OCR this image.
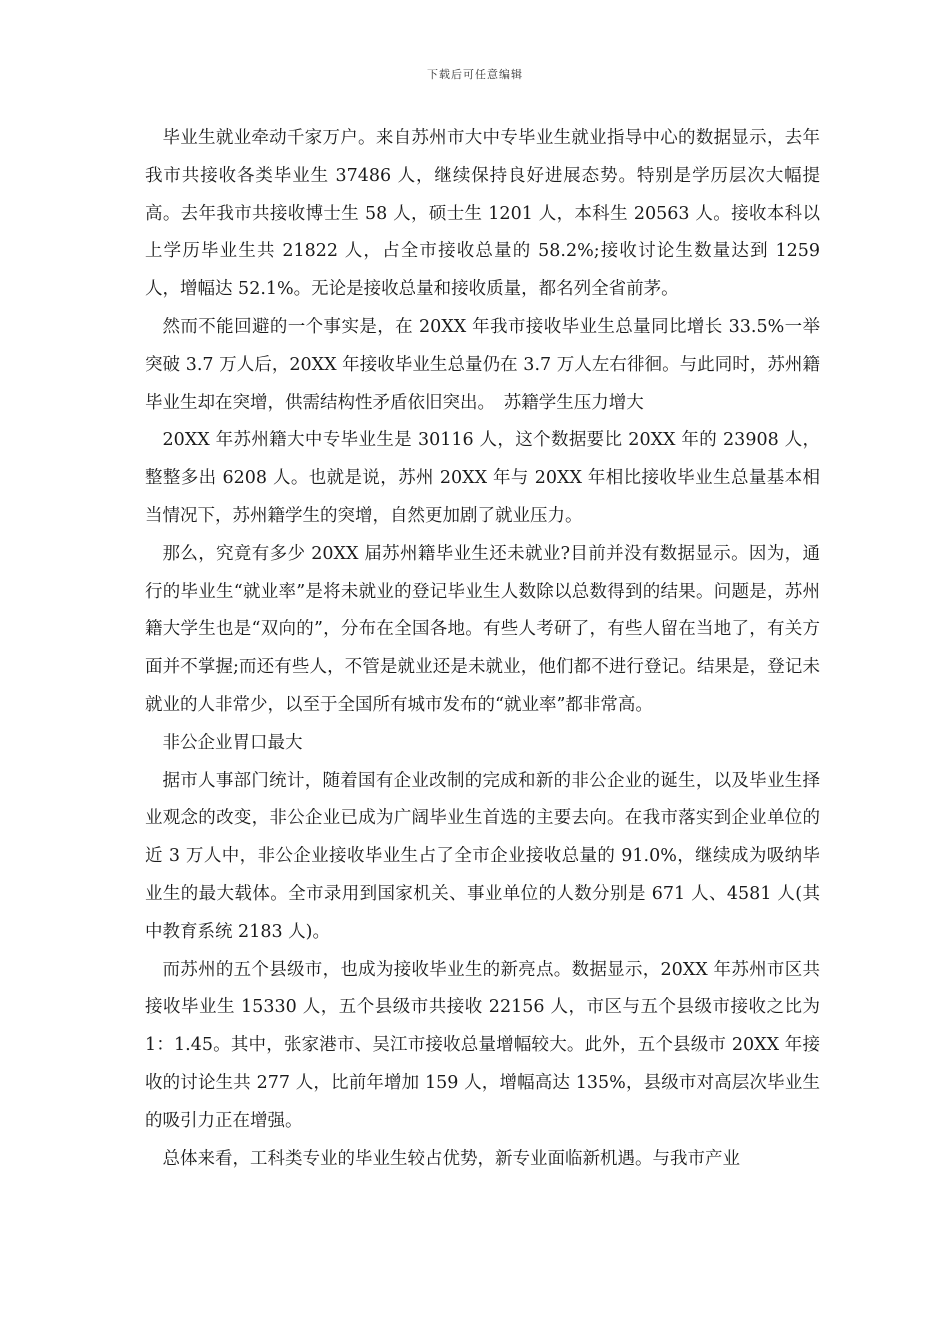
下载后可任意编辑

毕业生就业牵动千家万户。来自苏州市大中专毕业生就业指导中心的数据显示，去年我市共接收各类毕业生 37486 人，继续保持良好进展态势。特别是学历层次大幅提高。去年我市共接收博士生 58 人，硕士生 1201 人，本科生 20563 人。接收本科以上学历毕业生共 21822 人，占全市接收总量的 58.2%;接收讨论生数量达到 1259 人，增幅达 52.1%。无论是接收总量和接收质量，都名列全省前茅。

然而不能回避的一个事实是，在 20XX 年我市接收毕业生总量同比增长 33.5%一举突破 3.7 万人后，20XX 年接收毕业生总量仍在 3.7 万人左右徘徊。与此同时，苏州籍毕业生却在突增，供需结构性矛盾依旧突出。　苏籍学生压力增大

20XX 年苏州籍大中专毕业生是 30116 人，这个数据要比 20XX 年的 23908 人，整整多出 6208 人。也就是说，苏州 20XX 年与 20XX 年相比接收毕业生总量基本相当情况下，苏州籍学生的突增，自然更加剧了就业压力。

那么，究竟有多少 20XX 届苏州籍毕业生还未就业?目前并没有数据显示。因为，通行的毕业生“就业率”是将未就业的登记毕业生人数除以总数得到的结果。问题是，苏州籍大学生也是“双向的”，分布在全国各地。有些人考研了，有些人留在当地了，有关方面并不掌握;而还有些人，不管是就业还是未就业，他们都不进行登记。结果是，登记未就业的人非常少，以至于全国所有城市发布的“就业率”都非常高。

非公企业胃口最大

据市人事部门统计，随着国有企业改制的完成和新的非公企业的诞生，以及毕业生择业观念的改变，非公企业已成为广阔毕业生首选的主要去向。在我市落实到企业单位的近 3 万人中，非公企业接收毕业生占了全市企业接收总量的 91.0%，继续成为吸纳毕业生的最大载体。全市录用到国家机关、事业单位的人数分别是 671 人、4581 人(其中教育系统 2183 人)。

而苏州的五个县级市，也成为接收毕业生的新亮点。数据显示，20XX 年苏州市区共接收毕业生 15330 人，五个县级市共接收 22156 人，市区与五个县级市接收之比为 1：1.45。其中，张家港市、吴江市接收总量增幅较大。此外，五个县级市 20XX 年接收的讨论生共 277 人，比前年增加 159 人，增幅高达 135%，县级市对高层次毕业生的吸引力正在增强。

总体来看，工科类专业的毕业生较占优势，新专业面临新机遇。与我市产业
